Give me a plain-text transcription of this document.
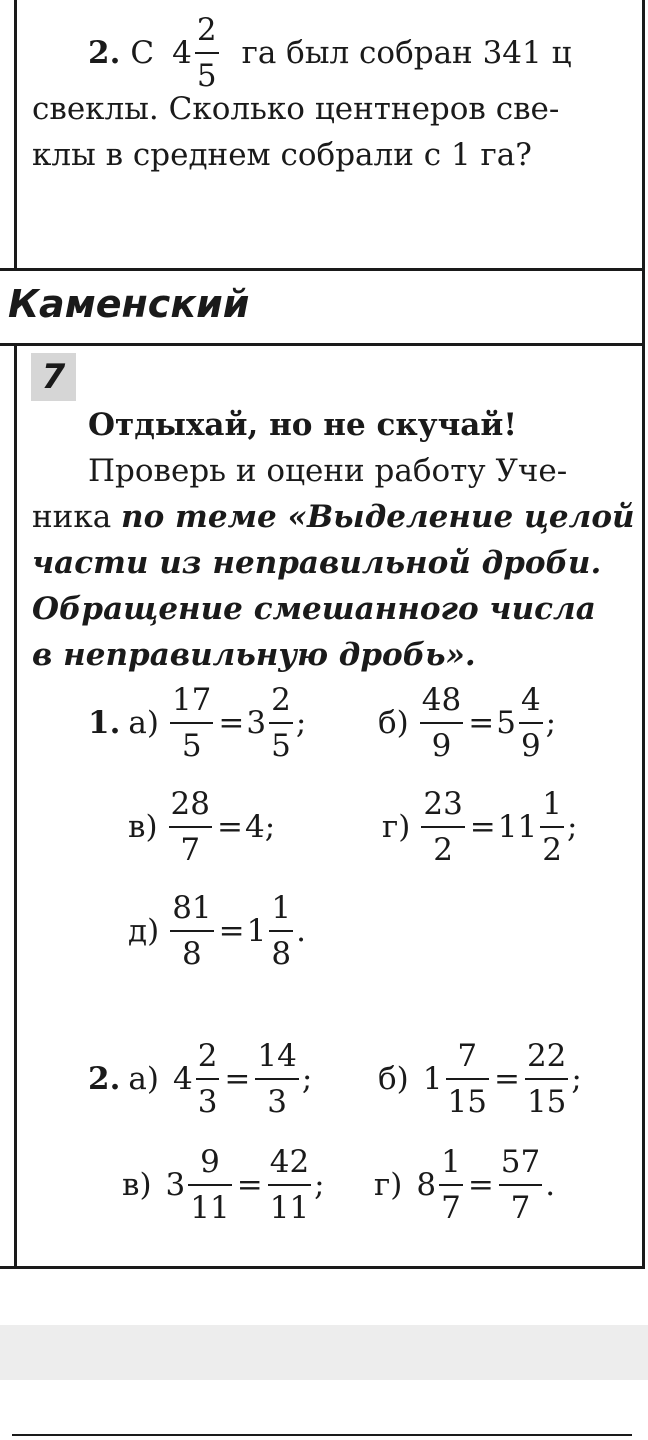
2. С $4 \frac{2}{5}$ га был собран 341 ц
свеклы. Сколько центнеров све-
клы в среднем собрали с 1 га?
Каменский
7
Отдыхай, но не скучай!
Проверь и оцени работу Уче-
ника по теме «Выделение целой
части из неправильной дроби.
Обращение смешанного числа
в неправильную дробь».
1. $а) \frac{17}{5} = 3 \frac{2}{5}$ ; $б) \frac{48}{9} = 5 \frac{4}{9}$ ;
$в) \frac{28}{7} = 4$;	$г) \frac{23}{2} = 11 \frac{1}{2}$ ;
$д) \frac{81}{8} = 1 \frac{1}{8}$ .
2. а) $4 \frac{2}{3} = \frac{14}{3}$ ; б) $1 \frac{7}{15} = \frac{22}{15}$ ;
в) $3 \frac{9}{11} = \frac{42}{11}$ ; г) $8 \frac{1}{7} = \frac{57}{7}$ .
